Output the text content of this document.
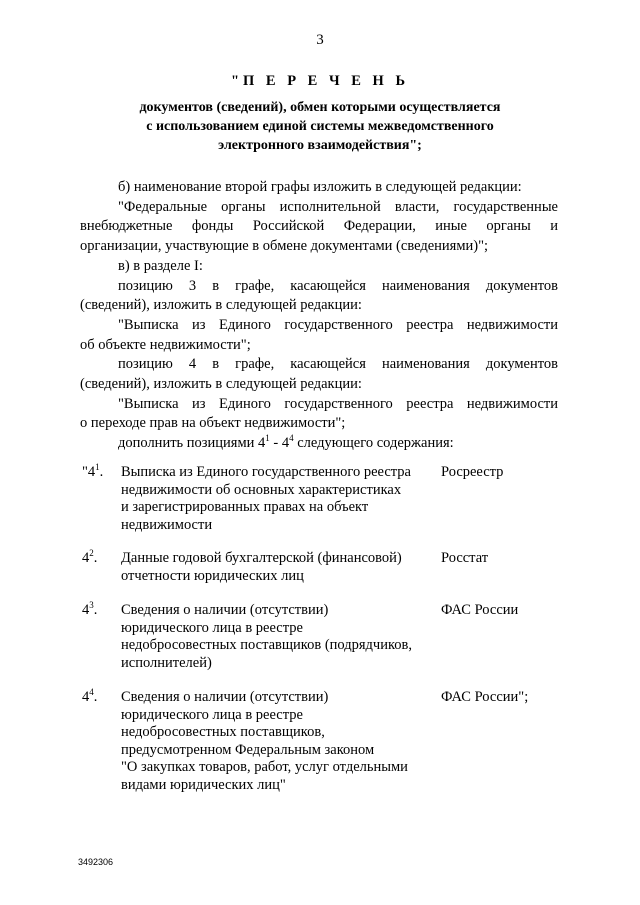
3
"П Е Р Е Ч Е Н Ь
документов (сведений), обмен которыми осуществляется
с использованием единой системы межведомственного
электронного взаимодействия";

б) наименование второй графы изложить в следующей редакции:

"Федеральные органы исполнительной власти, государственные

внебюджетные фонды Российской Федерации, иные органы и

организации, участвующие в обмене документами (сведениями)";

в) в разделе I:

позицию 3 в графе, касающейся наименования документов

(сведений), изложить в следующей редакции:

"Выписка из Единого государственного реестра недвижимости

об объекте недвижимости";

позицию 4 в графе, касающейся наименования документов

(сведений), изложить в следующей редакции:

"Выписка из Единого государственного реестра недвижимости

о переходе прав на объект недвижимости";

дополнить позициями $4^1 - 4^4$ следующего содержания:

"$4^1$. Выписка из Единого государственного реестра
недвижимости об основных характеристиках
и зарегистрированных правах на объект
недвижимости
Росреестр
$4^2$. Данные годовой бухгалтерской (финансовой)
отчетности юридических лиц
Росстат
$4^3$. Сведения о наличии (отсутствии)
юридического лица в реестре
недобросовестных поставщиков (подрядчиков,
исполнителей)
ФАС России
$4^4$. Сведения о наличии (отсутствии)
юридического лица в реестре
недобросовестных поставщиков,
предусмотренном Федеральным законом
"О закупках товаров, работ, услуг отдельными
видами юридических лиц"
ФАС России";
3492306
